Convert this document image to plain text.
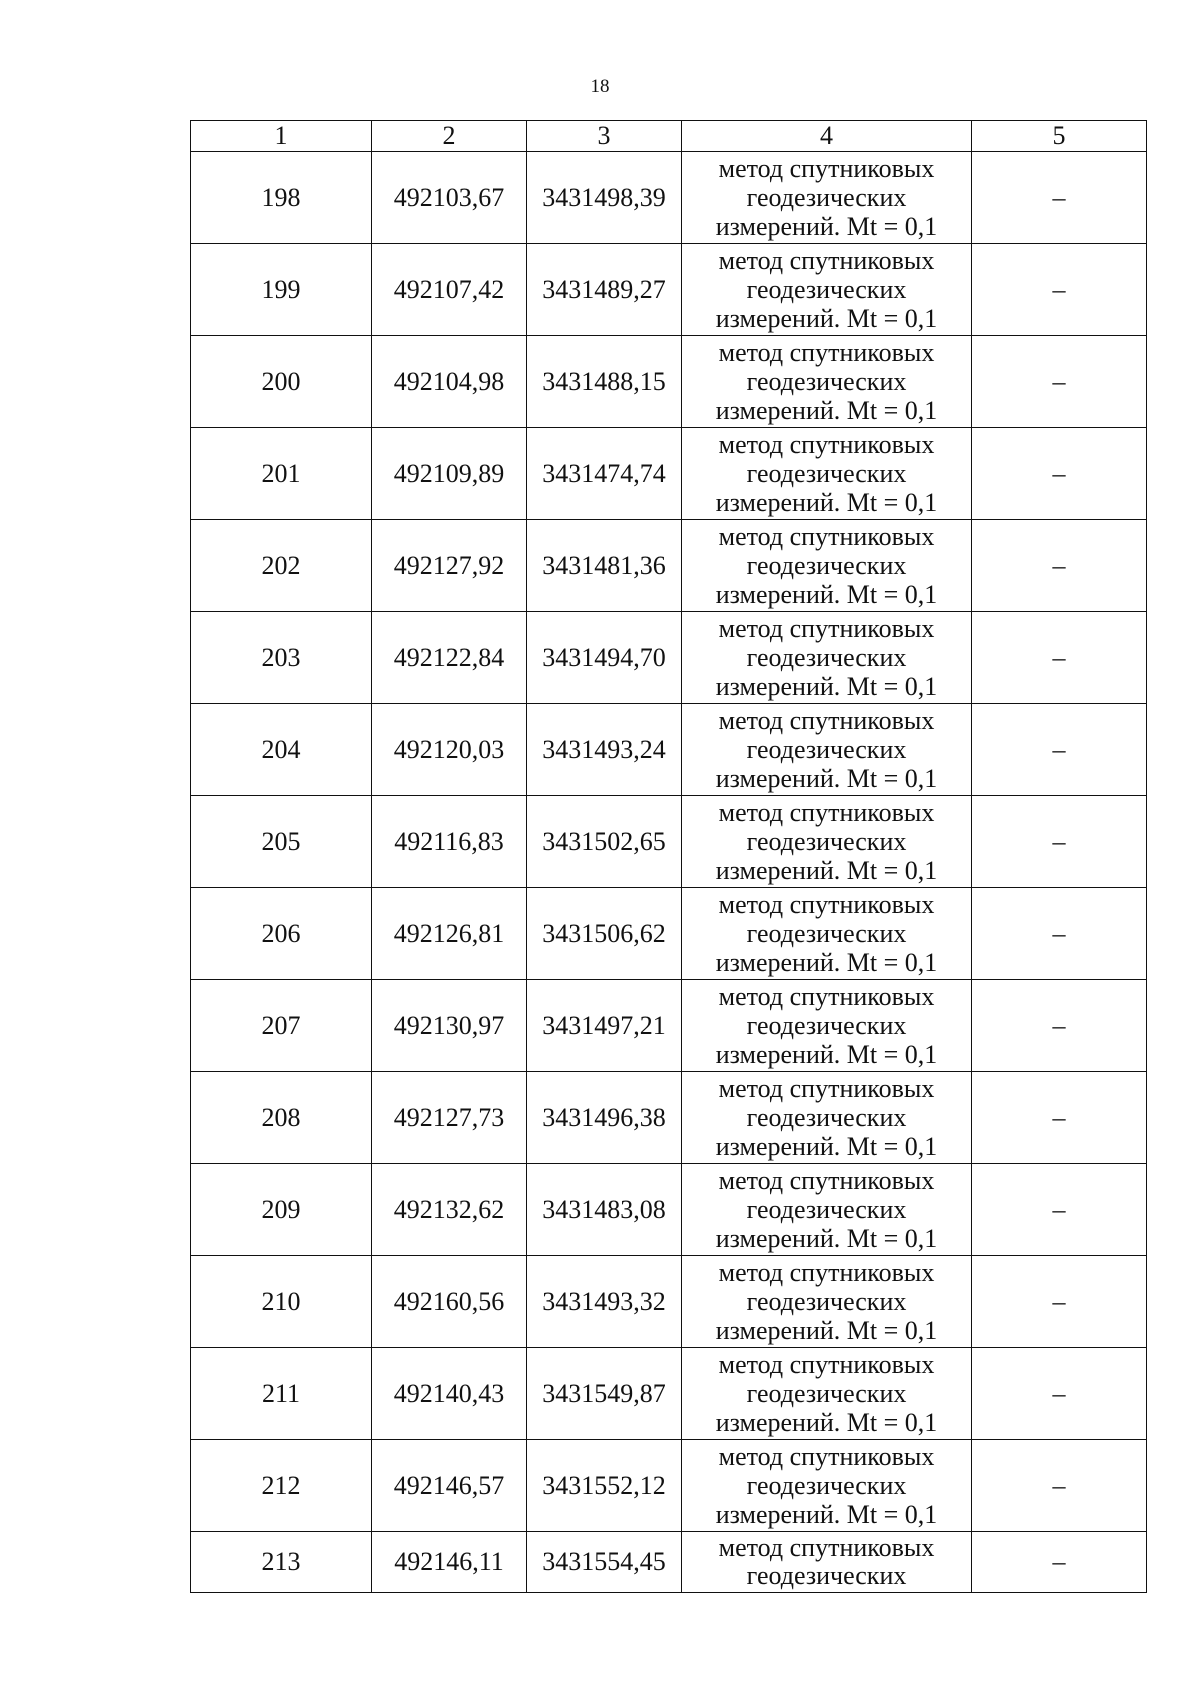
18
1	2	3	4	5
198	492103,67	3431498,39	метод спутниковых
геодезических
измерений. Mt = 0,1	–
199	492107,42	3431489,27	метод спутниковых
геодезических
измерений. Mt = 0,1	–
200	492104,98	3431488,15	метод спутниковых
геодезических
измерений. Mt = 0,1	–
201	492109,89	3431474,74	метод спутниковых
геодезических
измерений. Mt = 0,1	–
202	492127,92	3431481,36	метод спутниковых
геодезических
измерений. Mt = 0,1	–
203	492122,84	3431494,70	метод спутниковых
геодезических
измерений. Mt = 0,1	–
204	492120,03	3431493,24	метод спутниковых
геодезических
измерений. Mt = 0,1	–
205	492116,83	3431502,65	метод спутниковых
геодезических
измерений. Mt = 0,1	–
206	492126,81	3431506,62	метод спутниковых
геодезических
измерений. Mt = 0,1	–
207	492130,97	3431497,21	метод спутниковых
геодезических
измерений. Mt = 0,1	–
208	492127,73	3431496,38	метод спутниковых
геодезических
измерений. Mt = 0,1	–
209	492132,62	3431483,08	метод спутниковых
геодезических
измерений. Mt = 0,1	–
210	492160,56	3431493,32	метод спутниковых
геодезических
измерений. Mt = 0,1	–
211	492140,43	3431549,87	метод спутниковых
геодезических
измерений. Mt = 0,1	–
212	492146,57	3431552,12	метод спутниковых
геодезических
измерений. Mt = 0,1	–
213	492146,11	3431554,45	метод спутниковых
геодезических	–
